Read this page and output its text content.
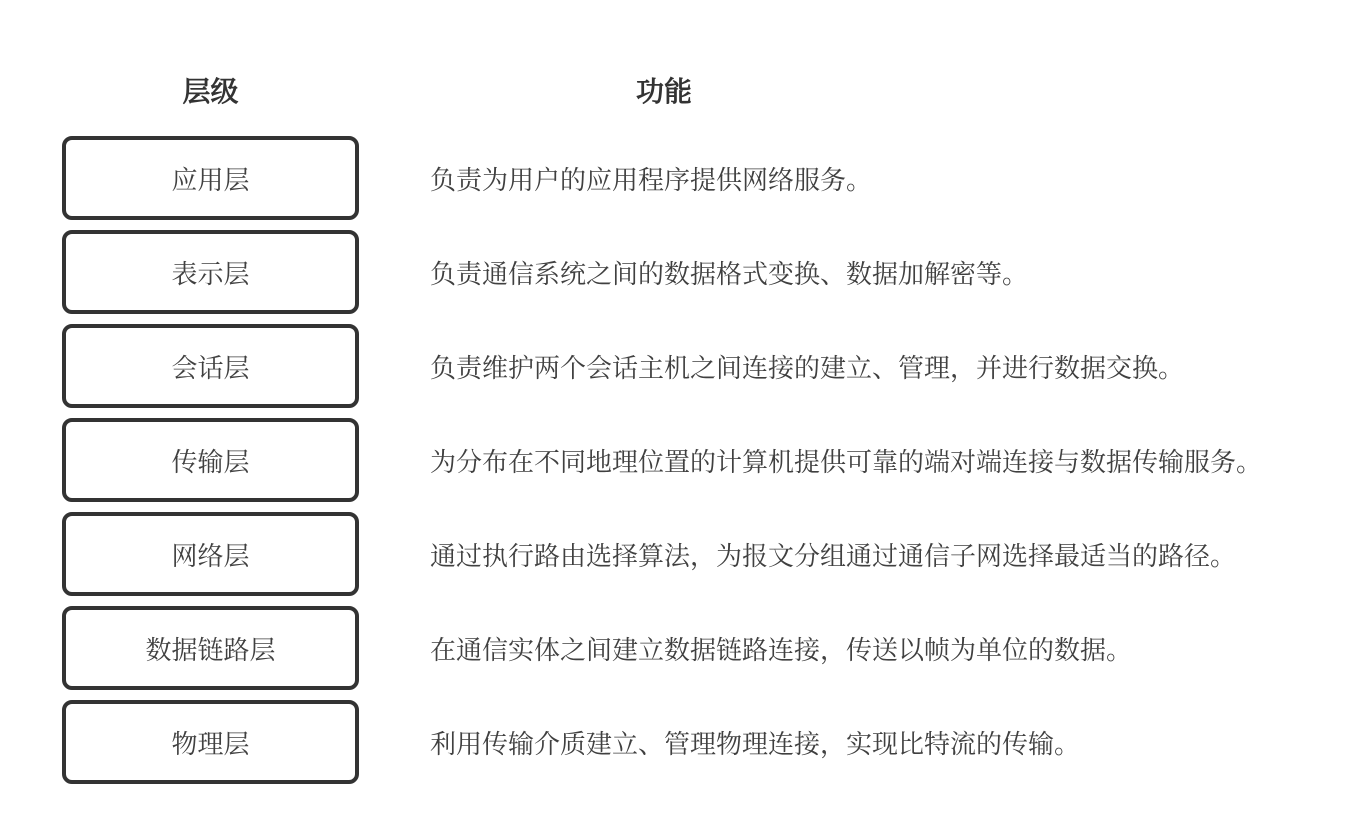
层级	功能
应用层	负责为用户的应用程序提供网络服务。
表示层	负责通信系统之间的数据格式变换、数据加解密等。
会话层	负责维护两个会话主机之间连接的建立、管理，并进行数据交换。
传输层	为分布在不同地理位置的计算机提供可靠的端对端连接与数据传输服务。
网络层	通过执行路由选择算法，为报文分组通过通信子网选择最适当的路径。
数据链路层	在通信实体之间建立数据链路连接，传送以帧为单位的数据。
物理层	利用传输介质建立、管理物理连接，实现比特流的传输。
